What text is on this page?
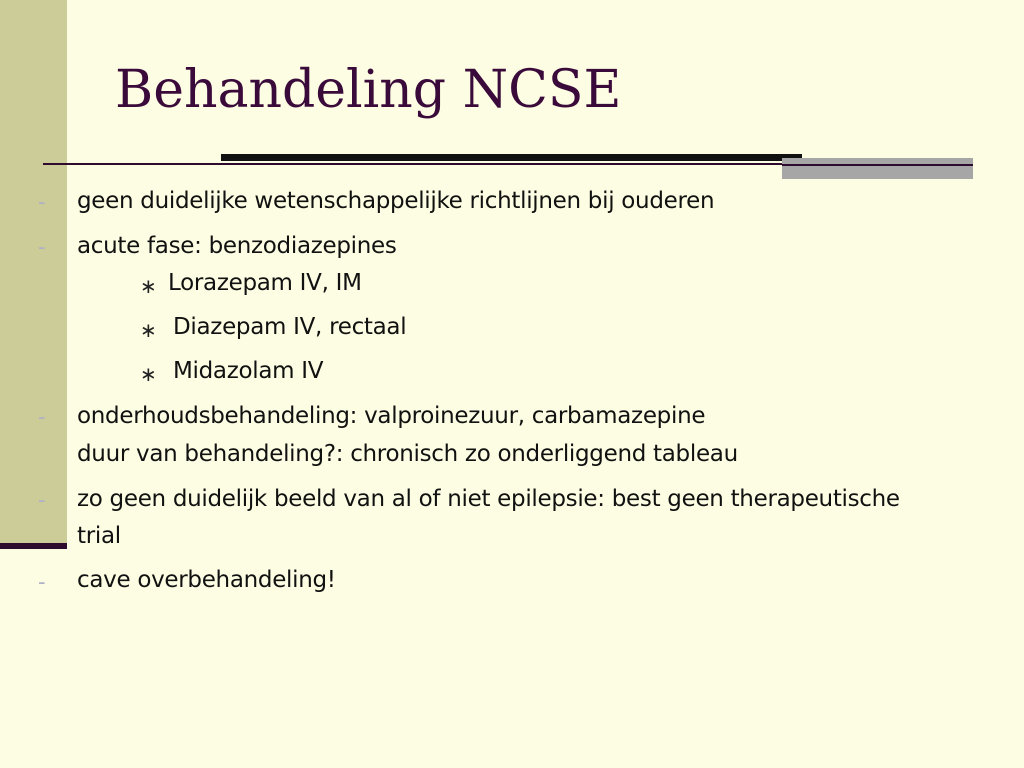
Behandeling NCSE
- geen duidelijke wetenschappelijke richtlijnen bij ouderen
- acute fase: benzodiazepines
∗ Lorazepam IV, IM
∗ Diazepam IV, rectaal
∗ Midazolam IV
- onderhoudsbehandeling: valproinezuur, carbamazepine
duur van behandeling?: chronisch zo onderliggend tableau
- zo geen duidelijk beeld van al of niet epilepsie: best geen therapeutische
trial
- cave overbehandeling!
